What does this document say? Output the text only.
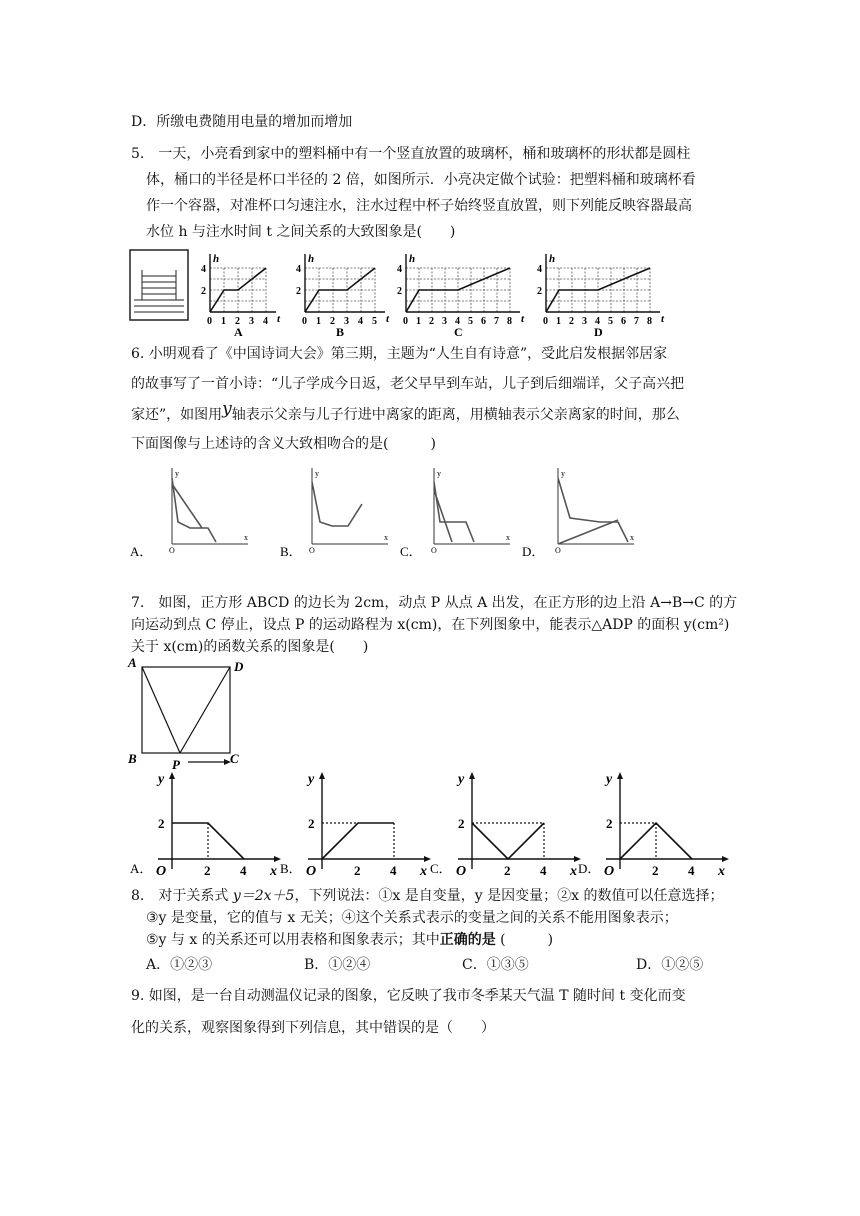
D．所缴电费随用电量的增加而增加
5.　一天，小亮看到家中的塑料桶中有一个竖直放置的玻璃杯，桶和玻璃杯的形状都是圆柱
体，桶口的半径是杯口半径的 2 倍，如图所示．小亮决定做个试验：把塑料桶和玻璃杯看
作一个容器，对准杯口匀速注水，注水过程中杯子始终竖直放置，则下列能反映容器最高
水位 h 与注水时间 t 之间关系的大致图象是(　　)
h
t
0 1 2 3 4
2
4
A
h
t
0 1 2 3 4 5
2
4
B
h
t
0 1 2 3 4 5 6 7 8
2
4
C
h
t
0 1 2 3 4 5 6 7 8
2
4
D
6. 小明观看了《中国诗词大会》第三期，主题为“人生自有诗意”，受此启发根据邻居家
的故事写了一首小诗：“儿子学成今日返，老父早早到车站，儿子到后细端详，父子高兴把
家还”，如图用y轴表示父亲与儿子行进中离家的距离，用横轴表示父亲离家的时间，那么
下面图像与上述诗的含义大致相吻合的是(　　　)
A．
y
x
O	B．
y
x
O	C．
y
x
O	D．
y
x
O
7.　如图，正方形 ABCD 的边长为 2cm，动点 P 从点 A 出发，在正方形的边上沿 A→B→C 的方
向运动到点 C 停止，设点 P 的运动路程为 x(cm)，在下列图象中，能表示△ADP 的面积 y(cm²)
关于 x(cm)的函数关系的图象是(　　)
A	D
B	C
P
A．
y
x
O	2 4
2
B．
y
x
O	2 4
2
C．
y
x
O	2 4
2
D．
y
x
O	2 4
2
8.　对于关系式 y＝2x＋5，下列说法：①x 是自变量，y 是因变量；②x 的数值可以任意选择；
③y 是变量，它的值与 x 无关；④这个关系式表示的变量之间的关系不能用图象表示；
⑤y 与 x 的关系还可以用表格和图象表示；其中正确的是 (　　　)
A．①②③	B．①②④	C．①③⑤	D．①②⑤
9. 如图，是一台自动测温仪记录的图象，它反映了我市冬季某天气温 T 随时间 t 变化而变
化的关系，观察图象得到下列信息，其中错误的是（　　）
